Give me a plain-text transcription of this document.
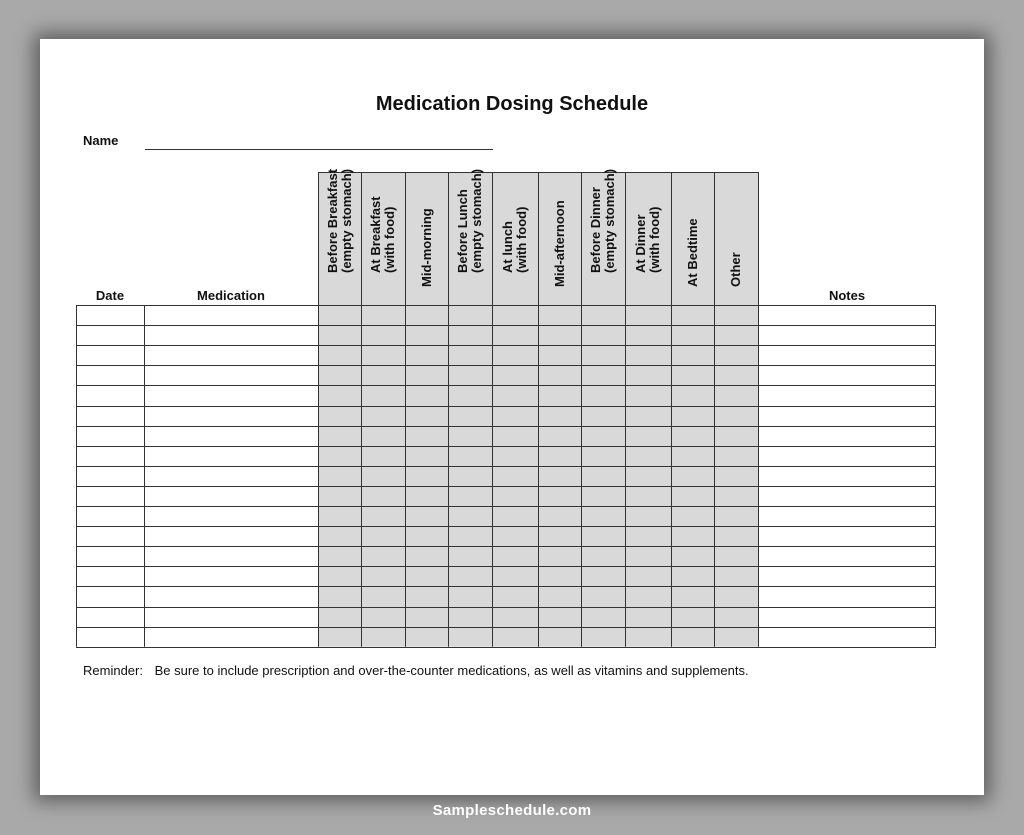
Medication Dosing Schedule
Name
Date	Medication	Notes
Before Breakfast (empty stomach) At Breakfast (with food) Mid-morning Before Lunch (empty stomach) At lunch (with food) Mid-afternoon Before Dinner (empty stomach) At Dinner (with food) At Bedtime Other
Reminder: Be sure to include prescription and over-the-counter medications, as well as vitamins and supplements.
Sampleschedule.com
